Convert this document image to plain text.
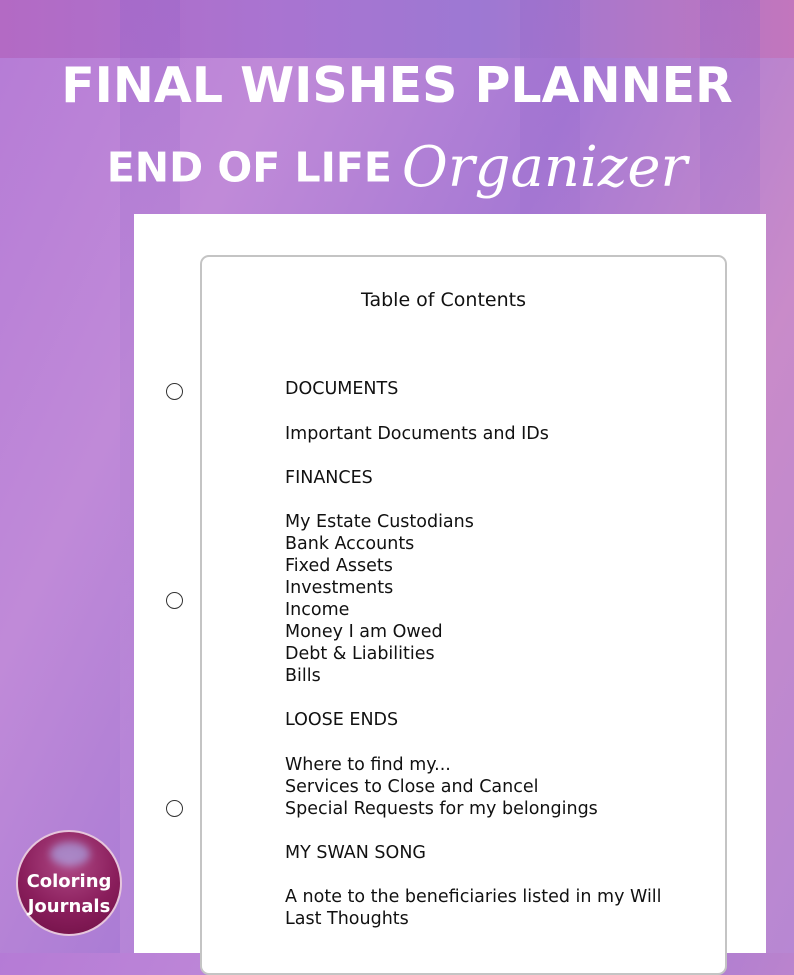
FINAL WISHES PLANNER
END OF LIFE Organizer
Table of Contents
DOCUMENTS
Important Documents and IDs
FINANCES
My Estate Custodians
Bank Accounts
Fixed Assets
Investments
Income
Money I am Owed
Debt & Liabilities
Bills
LOOSE ENDS
Where to find my...
Services to Close and Cancel
Special Requests for my belongings
MY SWAN SONG
A note to the beneficiaries listed in my Will
Last Thoughts
Coloring
Journals
